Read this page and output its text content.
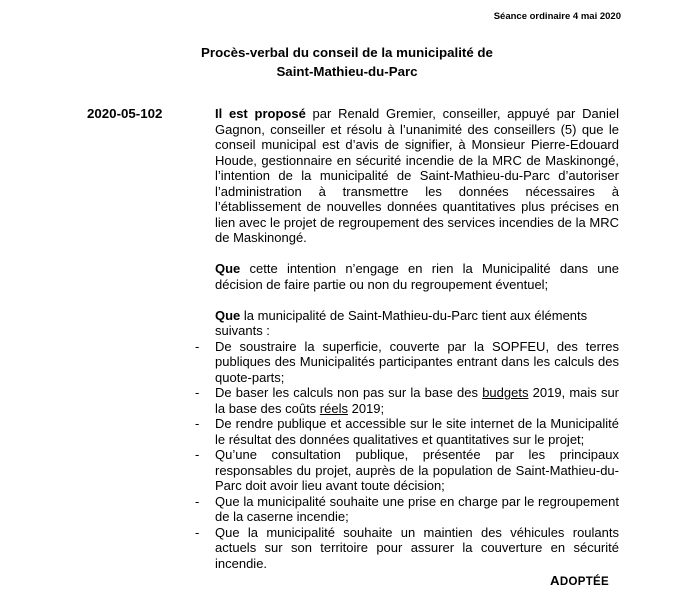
Séance ordinaire 4 mai 2020
Procès-verbal du conseil de la municipalité de
Saint-Mathieu-du-Parc
2020-05-102	Il est proposé par Renald Gremier, conseiller, appuyé par Daniel Gagnon, conseiller et résolu à l’unanimité des conseillers (5) que le conseil municipal est d’avis de signifier, à Monsieur Pierre-Edouard Houde, gestionnaire en sécurité incendie de la MRC de Maskinongé, l’intention de la municipalité de Saint-Mathieu-du-Parc d’autoriser l’administration à transmettre les données nécessaires à l’établissement de nouvelles données quantitatives plus précises en lien avec le projet de regroupement des services incendies de la MRC de Maskinongé.

Que cette intention n’engage en rien la Municipalité dans une décision de faire partie ou non du regroupement éventuel;

Que la municipalité de Saint-Mathieu-du-Parc tient aux éléments suivants :

- De soustraire la superficie, couverte par la SOPFEU, des terres publiques des Municipalités participantes entrant dans les calculs des quote-parts;
- De baser les calculs non pas sur la base des budgets 2019, mais sur la base des coûts réels 2019;
- De rendre publique et accessible sur le site internet de la Municipalité le résultat des données qualitatives et quantitatives sur le projet;
- Qu’une consultation publique, présentée par les principaux responsables du projet, auprès de la population de Saint-Mathieu-du-Parc doit avoir lieu avant toute décision;
- Que la municipalité souhaite une prise en charge par le regroupement de la caserne incendie;
- Que la municipalité souhaite un maintien des véhicules roulants actuels sur son territoire pour assurer la couverture en sécurité incendie.
ADOPTÉE
